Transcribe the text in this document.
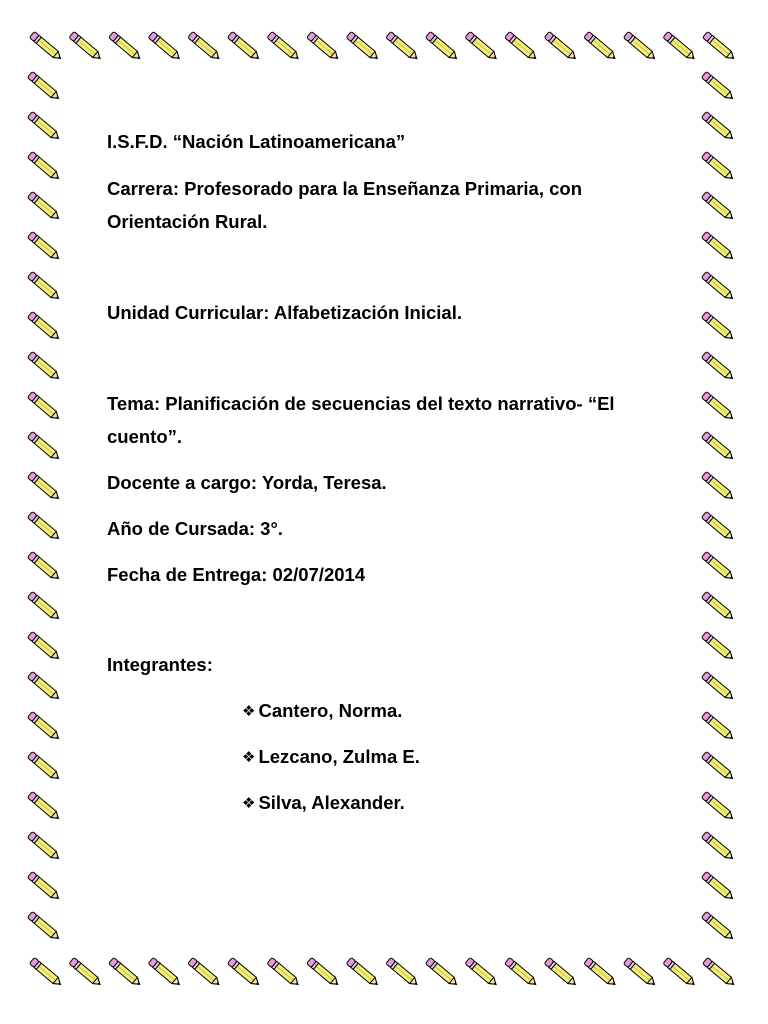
I.S.F.D. “Nación Latinoamericana”
Carrera: Profesorado para la Enseñanza Primaria, con
Orientación Rural.
Unidad Curricular: Alfabetización Inicial.
Tema: Planificación de secuencias del texto narrativo- “El
cuento”.
Docente a cargo: Yorda, Teresa.
Año de Cursada: 3°.
Fecha de Entrega: 02/07/2014
Integrantes:
❖ Cantero, Norma.
❖ Lezcano, Zulma E.
❖ Silva, Alexander.
